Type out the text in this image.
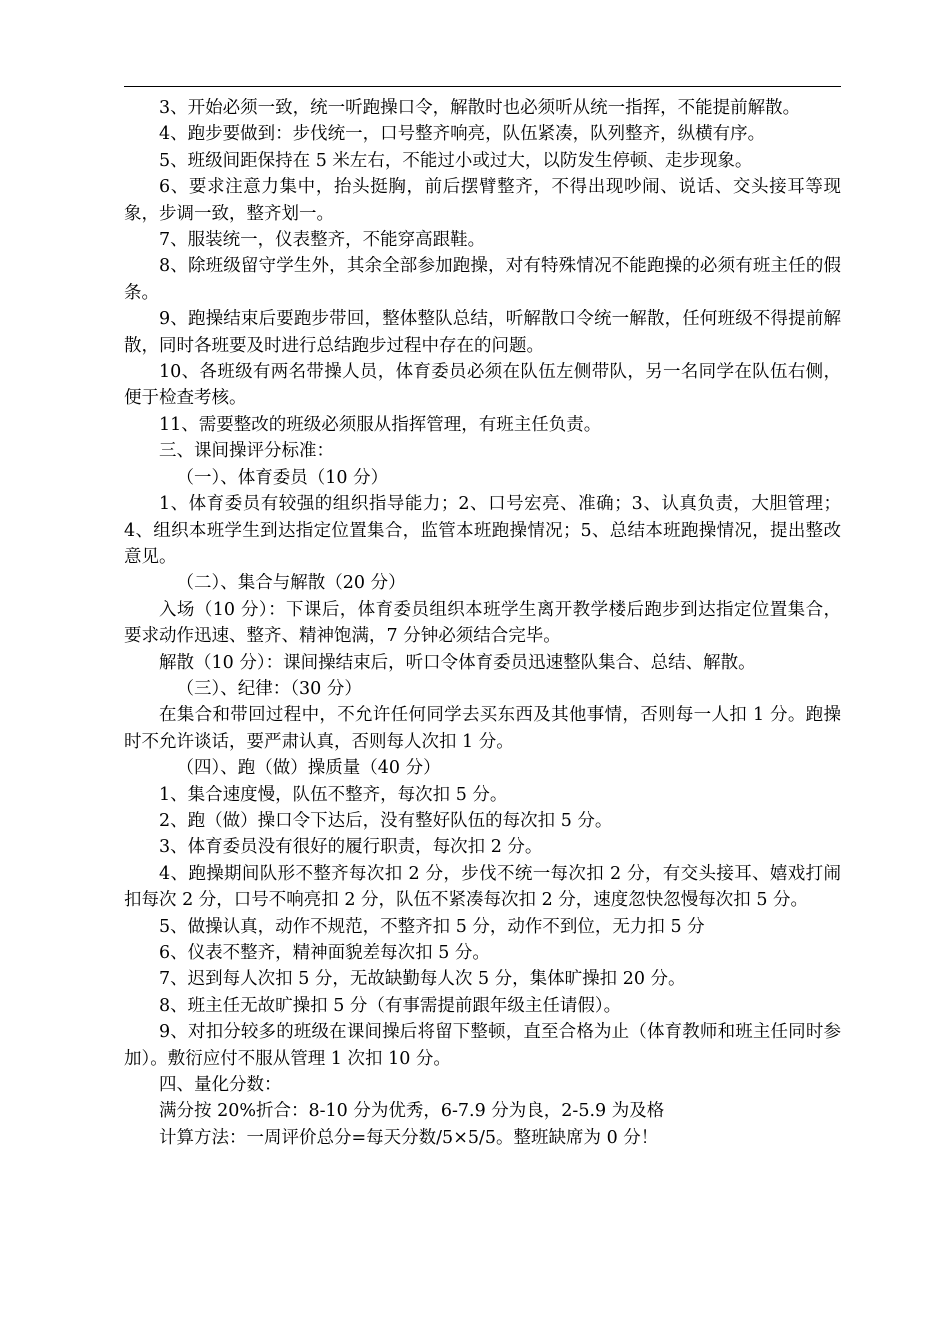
3、开始必须一致，统一听跑操口令，解散时也必须听从统一指挥，不能提前解散。

4、跑步要做到：步伐统一，口号整齐响亮，队伍紧凑，队列整齐，纵横有序。

5、班级间距保持在 5 米左右，不能过小或过大，以防发生停顿、走步现象。

6、要求注意力集中，抬头挺胸，前后摆臂整齐，不得出现吵闹、说话、交头接耳等现象，步调一致，整齐划一。

7、服装统一，仪表整齐，不能穿高跟鞋。

8、除班级留守学生外，其余全部参加跑操，对有特殊情况不能跑操的必须有班主任的假条。

9、跑操结束后要跑步带回，整体整队总结，听解散口令统一解散，任何班级不得提前解散，同时各班要及时进行总结跑步过程中存在的问题。

10、各班级有两名带操人员，体育委员必须在队伍左侧带队，另一名同学在队伍右侧，便于检查考核。

11、需要整改的班级必须服从指挥管理，有班主任负责。

三、课间操评分标准：

（一）、体育委员（10 分）

1、体育委员有较强的组织指导能力；2、口号宏亮、准确；3、认真负责，大胆管理；4、组织本班学生到达指定位置集合，监管本班跑操情况；5、总结本班跑操情况，提出整改意见。

（二）、集合与解散（20 分）

入场（10 分）：下课后，体育委员组织本班学生离开教学楼后跑步到达指定位置集合，要求动作迅速、整齐、精神饱满，7 分钟必须结合完毕。

解散（10 分）：课间操结束后，听口令体育委员迅速整队集合、总结、解散。

（三）、纪律：（30 分）

在集合和带回过程中，不允许任何同学去买东西及其他事情，否则每一人扣 1 分。跑操时不允许谈话，要严肃认真，否则每人次扣 1 分。

（四）、跑（做）操质量（40 分）

1、集合速度慢，队伍不整齐，每次扣 5 分。

2、跑（做）操口令下达后，没有整好队伍的每次扣 5 分。

3、体育委员没有很好的履行职责，每次扣 2 分。

4、跑操期间队形不整齐每次扣 2 分，步伐不统一每次扣 2 分，有交头接耳、嬉戏打闹扣每次 2 分，口号不响亮扣 2 分，队伍不紧凑每次扣 2 分，速度忽快忽慢每次扣 5 分。

5、做操认真，动作不规范，不整齐扣 5 分，动作不到位，无力扣 5 分

6、仪表不整齐，精神面貌差每次扣 5 分。

7、迟到每人次扣 5 分，无故缺勤每人次 5 分，集体旷操扣 20 分。

8、班主任无故旷操扣 5 分（有事需提前跟年级主任请假）。

9、对扣分较多的班级在课间操后将留下整顿，直至合格为止（体育教师和班主任同时参加）。敷衍应付不服从管理 1 次扣 10 分。

四、量化分数：

满分按 20%折合：8-10 分为优秀，6-7.9 分为良，2-5.9 为及格

计算方法：一周评价总分=每天分数/5×5/5。整班缺席为 0 分！
